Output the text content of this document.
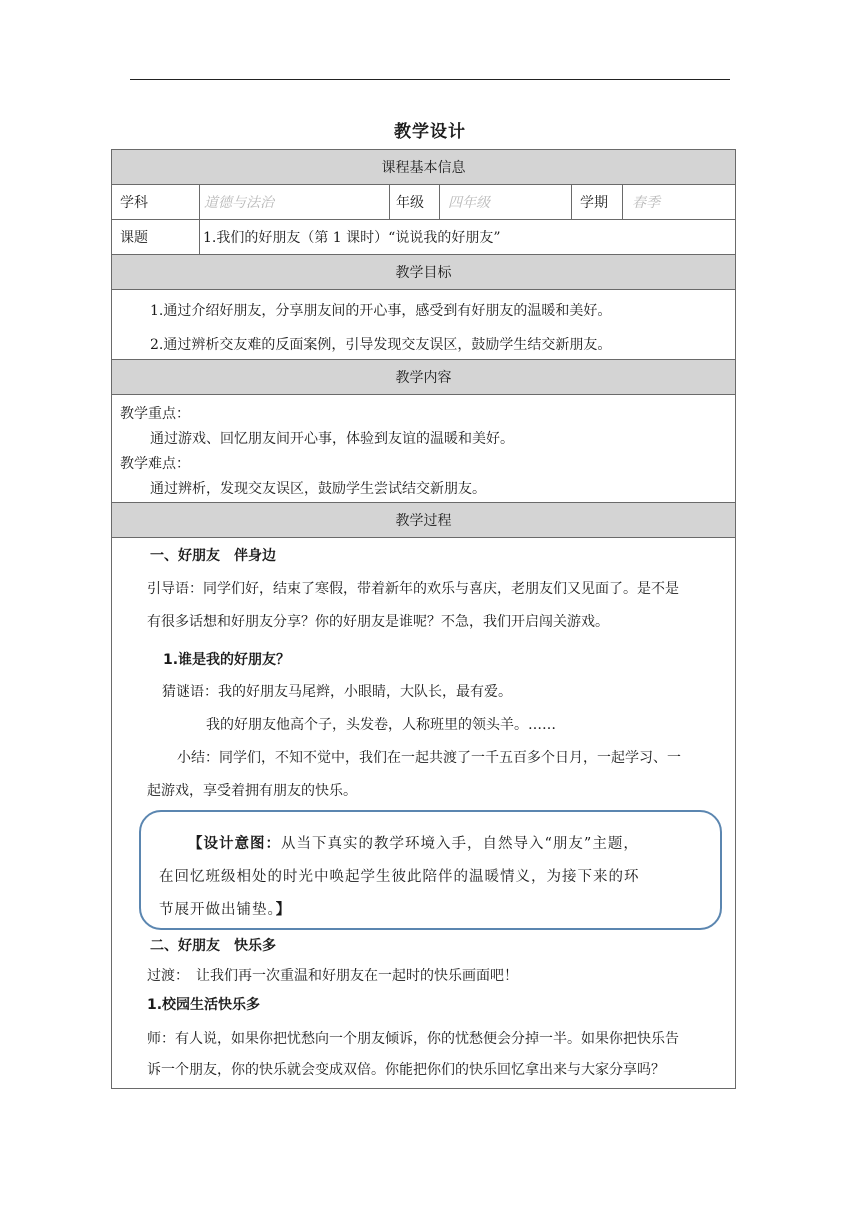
教学设计
课程基本信息
学科	道德与法治	年级 四年级	学期 春季
课题	1.我们的好朋友（第 1 课时）“说说我的好朋友”
教学目标
1.通过介绍好朋友，分享朋友间的开心事，感受到有好朋友的温暖和美好。
2.通过辨析交友难的反面案例，引导发现交友误区，鼓励学生结交新朋友。
教学内容
教学重点：
通过游戏、回忆朋友间开心事，体验到友谊的温暖和美好。
教学难点：
通过辨析，发现交友误区，鼓励学生尝试结交新朋友。
教学过程
一、好朋友　伴身边
引导语：同学们好，结束了寒假，带着新年的欢乐与喜庆，老朋友们又见面了。是不是
有很多话想和好朋友分享？你的好朋友是谁呢？不急，我们开启闯关游戏。
1.谁是我的好朋友？
猜谜语：我的好朋友马尾辫，小眼睛，大队长，最有爱。
我的好朋友他高个子，头发卷，人称班里的领头羊。……
小结：同学们，不知不觉中，我们在一起共渡了一千五百多个日月，一起学习、一
起游戏，享受着拥有朋友的快乐。
【设计意图：从当下真实的教学环境入手，自然导入“朋友”主题，
在回忆班级相处的时光中唤起学生彼此陪伴的温暖情义，为接下来的环
节展开做出铺垫。】
二、好朋友　快乐多
过渡：　让我们再一次重温和好朋友在一起时的快乐画面吧！
1.校园生活快乐多
师：有人说，如果你把忧愁向一个朋友倾诉，你的忧愁便会分掉一半。如果你把快乐告
诉一个朋友，你的快乐就会变成双倍。你能把你们的快乐回忆拿出来与大家分享吗？
